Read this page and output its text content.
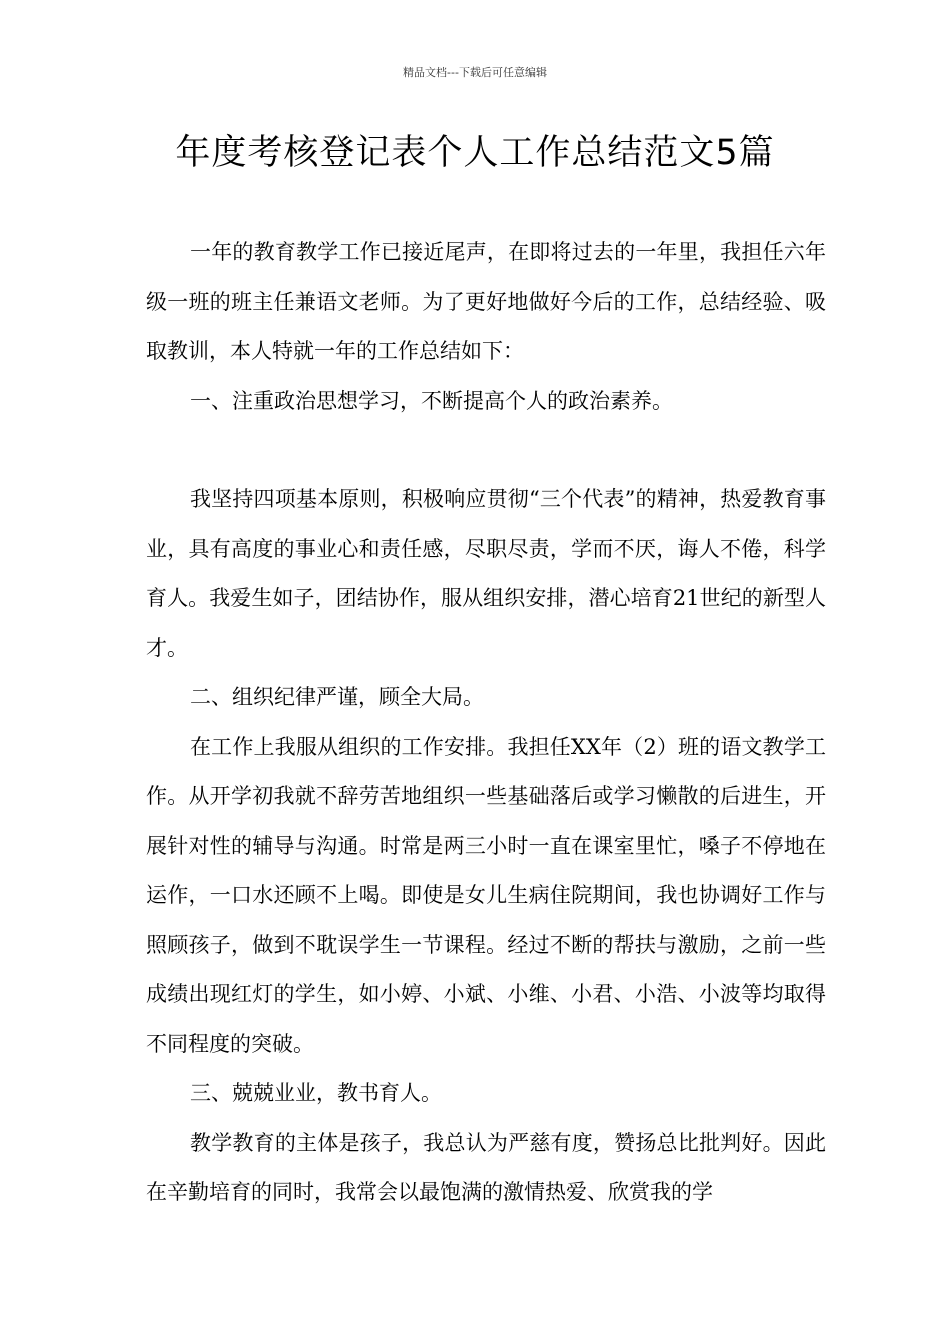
精品文档---下载后可任意编辑
年度考核登记表个人工作总结范文5篇

一年的教育教学工作已接近尾声，在即将过去的一年里，我担任六年级一班的班主任兼语文老师。为了更好地做好今后的工作，总结经验、吸取教训，本人特就一年的工作总结如下：

一、注重政治思想学习，不断提高个人的政治素养。

我坚持四项基本原则，积极响应贯彻“三个代表”的精神，热爱教育事业，具有高度的事业心和责任感，尽职尽责，学而不厌，诲人不倦，科学育人。我爱生如子，团结协作，服从组织安排，潜心培育21世纪的新型人才。

二、组织纪律严谨，顾全大局。

在工作上我服从组织的工作安排。我担任XX年（2）班的语文教学工作。从开学初我就不辞劳苦地组织一些基础落后或学习懒散的后进生，开展针对性的辅导与沟通。时常是两三小时一直在课室里忙，嗓子不停地在运作，一口水还顾不上喝。即使是女儿生病住院期间，我也协调好工作与照顾孩子，做到不耽误学生一节课程。经过不断的帮扶与激励，之前一些成绩出现红灯的学生，如小婷、小斌、小维、小君、小浩、小波等均取得不同程度的突破。

三、兢兢业业，教书育人。

教学教育的主体是孩子，我总认为严慈有度，赞扬总比批判好。因此在辛勤培育的同时，我常会以最饱满的激情热爱、欣赏我的学
